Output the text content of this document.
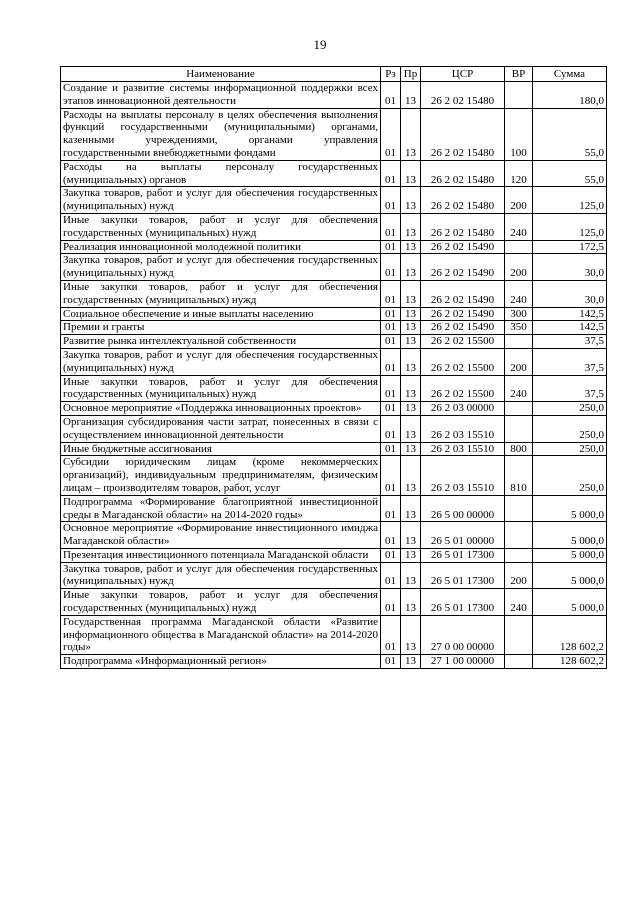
19
Наименование	Рз	Пр	ЦСР	ВР	Сумма
Создание и развитие системы информационной поддержки всех этапов инновационной деятельности	01	13	26 2 02 15480		180,0
Расходы на выплаты персоналу в целях обеспечения выполнения функций государственными (муниципальными) органами, казенными учреждениями, органами управления государственными внебюджетными фондами	01	13	26 2 02 15480	100	55,0
Расходы на выплаты персоналу государственных (муниципальных) органов	01	13	26 2 02 15480	120	55,0
Закупка товаров, работ и услуг для обеспечения государственных (муниципальных) нужд	01	13	26 2 02 15480	200	125,0
Иные закупки товаров, работ и услуг для обеспечения государственных (муниципальных) нужд	01	13	26 2 02 15480	240	125,0
Реализация инновационной молодежной политики	01	13	26 2 02 15490		172,5
Закупка товаров, работ и услуг для обеспечения государственных (муниципальных) нужд	01	13	26 2 02 15490	200	30,0
Иные закупки товаров, работ и услуг для обеспечения государственных (муниципальных) нужд	01	13	26 2 02 15490	240	30,0
Социальное обеспечение и иные выплаты населению	01	13	26 2 02 15490	300	142,5
Премии и гранты	01	13	26 2 02 15490	350	142,5
Развитие рынка интеллектуальной собственности	01	13	26 2 02 15500		37,5
Закупка товаров, работ и услуг для обеспечения государственных (муниципальных) нужд	01	13	26 2 02 15500	200	37,5
Иные закупки товаров, работ и услуг для обеспечения государственных (муниципальных) нужд	01	13	26 2 02 15500	240	37,5
Основное мероприятие «Поддержка инновационных проектов»	01	13	26 2 03 00000		250,0
Организация субсидирования части затрат, понесенных в связи с осуществлением инновационной деятельности	01	13	26 2 03 15510		250,0
Иные бюджетные ассигнования	01	13	26 2 03 15510	800	250,0
Субсидии юридическим лицам (кроме некоммерческих организаций), индивидуальным предпринимателям, физическим лицам – производителям товаров, работ, услуг	01	13	26 2 03 15510	810	250,0
Подпрограмма «Формирование благоприятной инвестиционной среды в Магаданской области» на 2014-2020 годы»	01	13	26 5 00 00000		5 000,0
Основное мероприятие «Формирование инвестиционного имиджа Магаданской области»	01	13	26 5 01 00000		5 000,0
Презентация инвестиционного потенциала Магаданской области	01	13	26 5 01 17300		5 000,0
Закупка товаров, работ и услуг для обеспечения государственных (муниципальных) нужд	01	13	26 5 01 17300	200	5 000,0
Иные закупки товаров, работ и услуг для обеспечения государственных (муниципальных) нужд	01	13	26 5 01 17300	240	5 000,0
Государственная программа Магаданской области «Развитие информационного общества в Магаданской области» на 2014-2020 годы»	01	13	27 0 00 00000		128 602,2
Подпрограмма «Информационный регион»	01	13	27 1 00 00000		128 602,2
